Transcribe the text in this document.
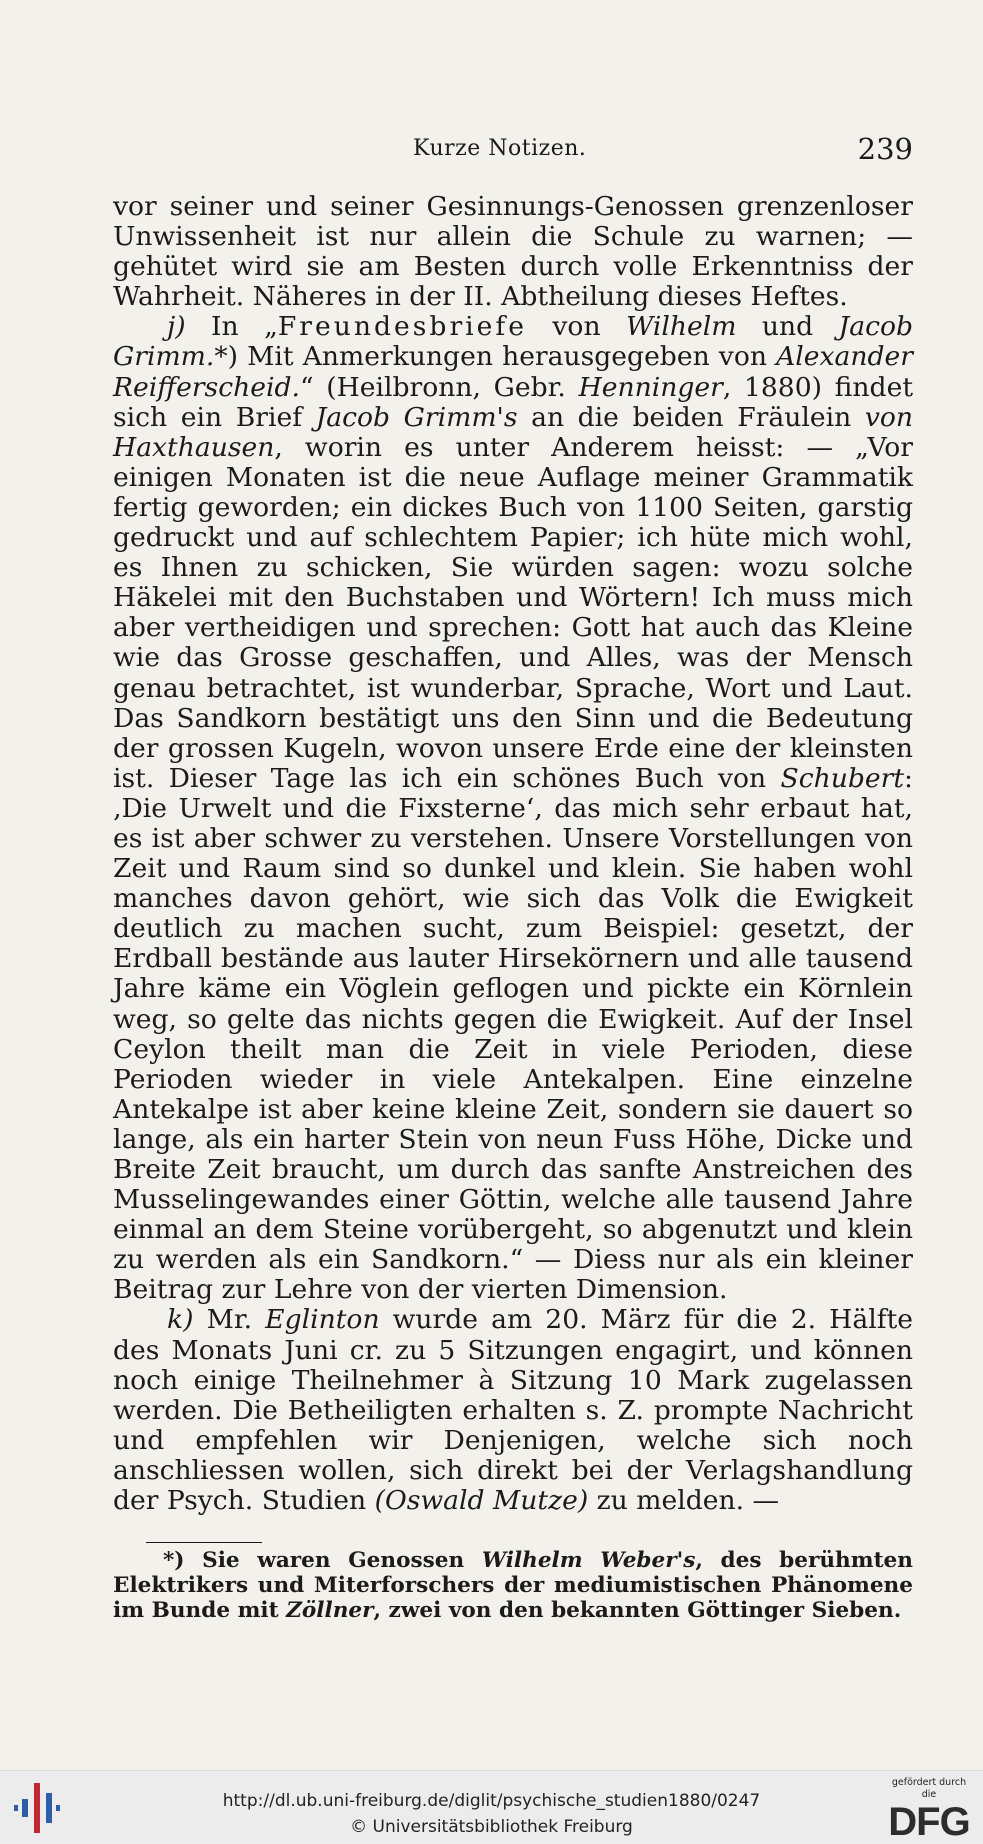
Kurze Notizen.	239

vor seiner und seiner Gesinnungs-Genossen grenzenloser Unwissenheit ist nur allein die Schule zu warnen; — gehütet wird sie am Besten durch volle Erkenntniss der Wahrheit. Näheres in der II. Abtheilung dieses Heftes.

j) In „Freundesbriefe von Wilhelm und Jacob Grimm.*) Mit Anmerkungen herausgegeben von Alexander Reifferscheid.“ (Heilbronn, Gebr. Henninger, 1880) findet sich ein Brief Jacob Grimm's an die beiden Fräulein von Haxthausen, worin es unter Anderem heisst: — „Vor einigen Monaten ist die neue Auflage meiner Grammatik fertig geworden; ein dickes Buch von 1100 Seiten, garstig gedruckt und auf schlechtem Papier; ich hüte mich wohl, es Ihnen zu schicken, Sie würden sagen: wozu solche Häkelei mit den Buchstaben und Wörtern! Ich muss mich aber vertheidigen und sprechen: Gott hat auch das Kleine wie das Grosse geschaffen, und Alles, was der Mensch genau betrachtet, ist wunderbar, Sprache, Wort und Laut. Das Sandkorn bestätigt uns den Sinn und die Bedeutung der grossen Kugeln, wovon unsere Erde eine der kleinsten ist. Dieser Tage las ich ein schönes Buch von Schubert: ‚Die Urwelt und die Fixsterne‘, das mich sehr erbaut hat, es ist aber schwer zu verstehen. Unsere Vorstellungen von Zeit und Raum sind so dunkel und klein. Sie haben wohl manches davon gehört, wie sich das Volk die Ewigkeit deutlich zu machen sucht, zum Beispiel: gesetzt, der Erdball bestände aus lauter Hirsekörnern und alle tausend Jahre käme ein Vöglein geflogen und pickte ein Körnlein weg, so gelte das nichts gegen die Ewigkeit. Auf der Insel Ceylon theilt man die Zeit in viele Perioden, diese Perioden wieder in viele Antekalpen. Eine einzelne Antekalpe ist aber keine kleine Zeit, sondern sie dauert so lange, als ein harter Stein von neun Fuss Höhe, Dicke und Breite Zeit braucht, um durch das sanfte Anstreichen des Musselingewandes einer Göttin, welche alle tausend Jahre einmal an dem Steine vorübergeht, so abgenutzt und klein zu werden als ein Sandkorn.“ — Diess nur als ein kleiner Beitrag zur Lehre von der vierten Dimension.

k) Mr. Eglinton wurde am 20. März für die 2. Hälfte des Monats Juni cr. zu 5 Sitzungen engagirt, und können noch einige Theilnehmer à Sitzung 10 Mark zugelassen werden. Die Betheiligten erhalten s. Z. prompte Nachricht und empfehlen wir Denjenigen, welche sich noch anschliessen wollen, sich direkt bei der Verlagshandlung der Psych. Studien (Oswald Mutze) zu melden. —

*) Sie waren Genossen Wilhelm Weber's, des berühmten Elektrikers und Miterforschers der mediumistischen Phänomene im Bunde mit Zöllner, zwei von den bekannten Göttinger Sieben.

http://dl.ub.uni-freiburg.de/diglit/psychische_studien1880/0247
© Universitätsbibliothek Freiburg
gefördert durch die
DFG
